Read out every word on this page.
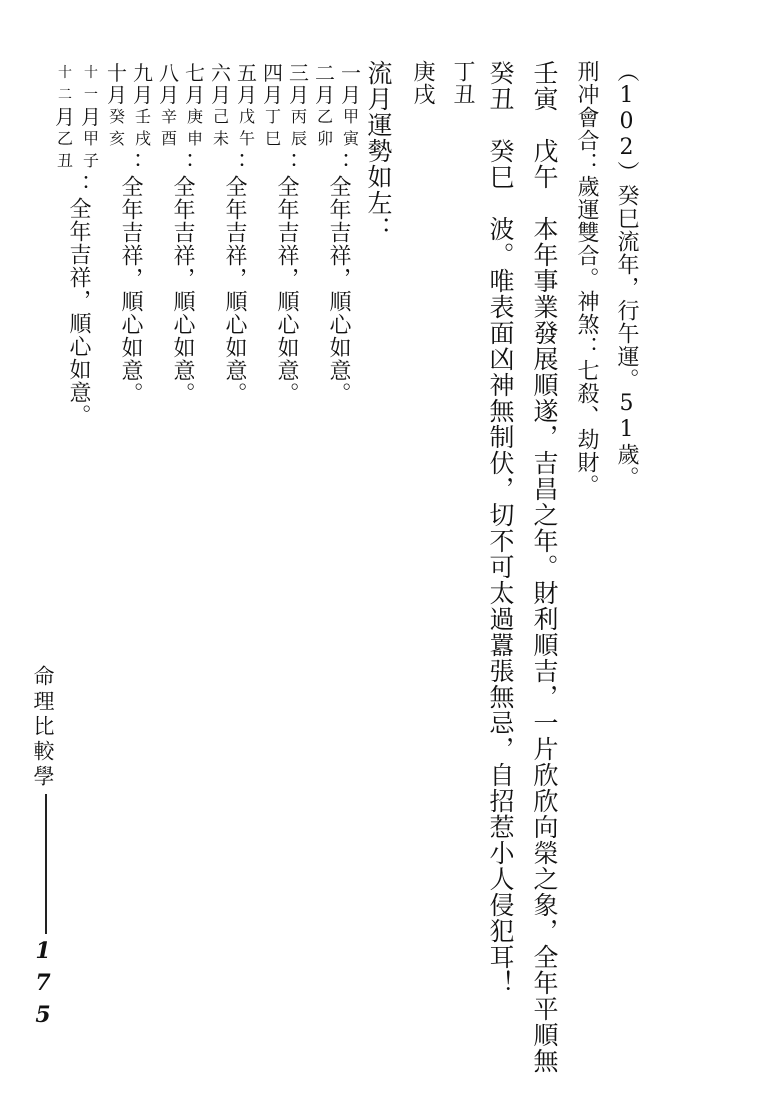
（102）癸巳流年，行午運。51歲。
刑冲會合：歲運雙合。神煞：七殺、劫財。
壬寅　戊午　本年事業發展順遂，吉昌之年。財利順吉，一片欣欣向榮之象，全年平順無
癸丑　癸巳　波。唯表面凶神無制伏，切不可太過囂張無忌，自招惹小人侵犯耳！
丁丑
庚戌
流月運勢如左：
一
二
月
月
甲寅
乙卯
：全年吉祥，順心如意。
三
四
月
月
丙辰
丁巳
：全年吉祥，順心如意。
五
六
月
月
戊午
己未
：全年吉祥，順心如意。
七
八
月
月
庚申
辛酉
：全年吉祥，順心如意。
九
十
月
月
壬戌
癸亥
：全年吉祥，順心如意。
十一
十二
月
月
甲子
乙丑
：全年吉祥，順心如意。
命理比較學
175
